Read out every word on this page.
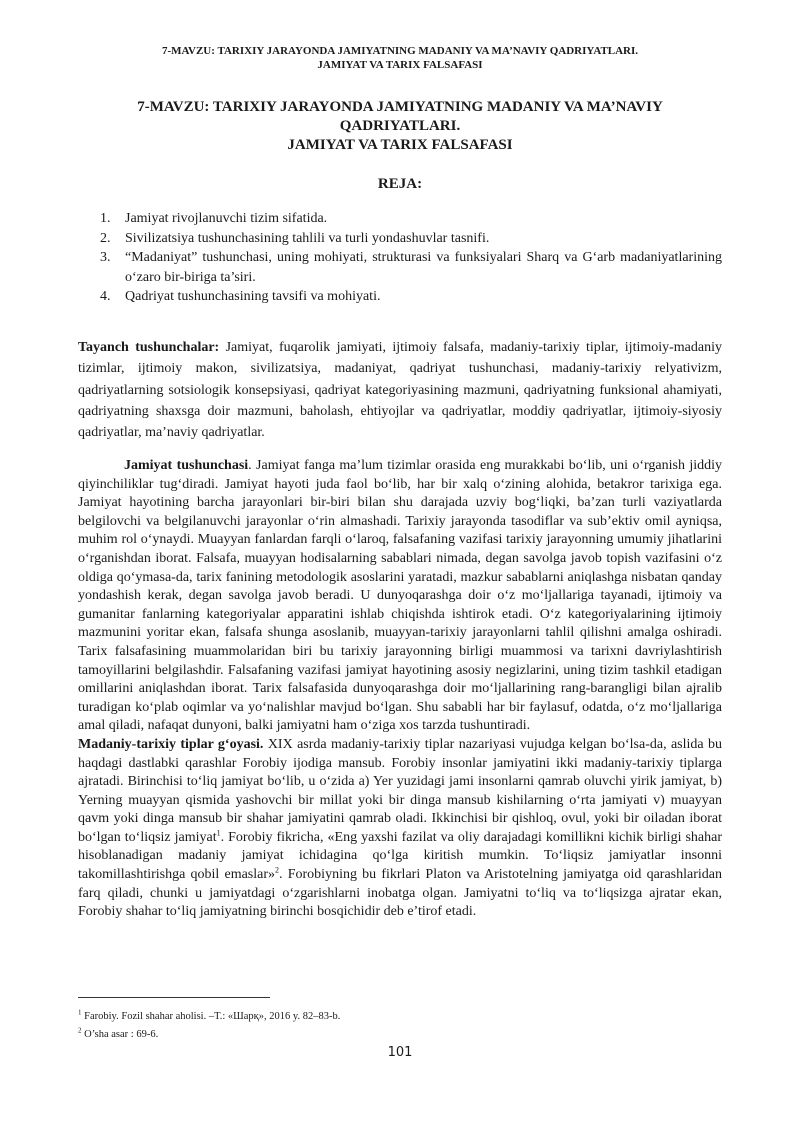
7-MAVZU: TARIXIY JARAYONDA JAMIYATNING MADANIY VA MA’NAVIY QADRIYATLARI.
JAMIYAT VA TARIX FALSAFASI
7-MAVZU: TARIXIY JARAYONDA JAMIYATNING MADANIY VA MA’NAVIY
QADRIYATLARI.
JAMIYAT VA TARIX FALSAFASI
REJA:
1. Jamiyat rivojlanuvchi tizim sifatida.
2. Sivilizatsiya tushunchasining tahlili va turli yondashuvlar tasnifi.
3. “Madaniyat” tushunchasi, uning mohiyati, strukturasi va funksiyalari Sharq va G‘arb madaniyatlarining o‘zaro bir-biriga ta’siri.
4. Qadriyat tushunchasining tavsifi va mohiyati.

Tayanch tushunchalar: Jamiyat, fuqarolik jamiyati, ijtimoiy falsafa, madaniy-tarixiy tiplar, ijtimoiy-madaniy tizimlar, ijtimoiy makon, sivilizatsiya, madaniyat, qadriyat tushunchasi, madaniy-tarixiy relyativizm, qadriyatlarning sotsiologik konsepsiyasi, qadriyat kategoriyasining mazmuni, qadriyatning funksional ahamiyati, qadriyatning shaxsga doir mazmuni, baholash, ehtiyojlar va qadriyatlar, moddiy qadriyatlar, ijtimoiy-siyosiy qadriyatlar, ma’naviy qadriyatlar.

Jamiyat tushunchasi. Jamiyat fanga ma’lum tizimlar orasida eng murakkabi bo‘lib, uni o‘rganish jiddiy qiyinchiliklar tug‘diradi. Jamiyat hayoti juda faol bo‘lib, har bir xalq o‘zining alohida, betakror tarixiga ega. Jamiyat hayotining barcha jarayonlari bir-biri bilan shu darajada uzviy bog‘liqki, ba’zan turli vaziyatlarda belgilovchi va belgilanuvchi jarayonlar o‘rin almashadi. Tarixiy jarayonda tasodiflar va sub’ektiv omil ayniqsa, muhim rol o‘ynaydi. Muayyan fanlardan farqli o‘laroq, falsafaning vazifasi tarixiy jarayonning umumiy jihatlarini o‘rganishdan iborat. Falsafa, muayyan hodisalarning sabablari nimada, degan savolga javob topish vazifasini o‘z oldiga qo‘ymasa-da, tarix fanining metodologik asoslarini yaratadi, mazkur sabablarni aniqlashga nisbatan qanday yondashish kerak, degan savolga javob beradi. U dunyoqarashga doir o‘z mo‘ljallariga tayanadi, ijtimoiy va gumanitar fanlarning kategoriyalar apparatini ishlab chiqishda ishtirok etadi. O‘z kategoriyalarining ijtimoiy mazmunini yoritar ekan, falsafa shunga asoslanib, muayyan-tarixiy jarayonlarni tahlil qilishni amalga oshiradi. Tarix falsafasining muammolaridan biri bu tarixiy jarayonning birligi muammosi va tarixni davriylashtirish tamoyillarini belgilashdir. Falsafaning vazifasi jamiyat hayotining asosiy negizlarini, uning tizim tashkil etadigan omillarini aniqlashdan iborat. Tarix falsafasida dunyoqarashga doir mo‘ljallarining rang-barangligi bilan ajralib turadigan ko‘plab oqimlar va yo‘nalishlar mavjud bo‘lgan. Shu sababli har bir faylasuf, odatda, o‘z mo‘ljallariga amal qiladi, nafaqat dunyoni, balki jamiyatni ham o‘ziga xos tarzda tushuntiradi.

Madaniy-tarixiy tiplar g‘oyasi. XIX asrda madaniy-tarixiy tiplar nazariyasi vujudga kelgan bo‘lsa-da, aslida bu haqdagi dastlabki qarashlar Forobiy ijodiga mansub. Forobiy insonlar jamiyatini ikki madaniy-tarixiy tiplarga ajratadi. Birinchisi to‘liq jamiyat bo‘lib, u o‘zida a) Yer yuzidagi jami insonlarni qamrab oluvchi yirik jamiyat, b) Yerning muayyan qismida yashovchi bir millat yoki bir dinga mansub kishilarning o‘rta jamiyati v) muayyan qavm yoki dinga mansub bir shahar jamiyatini qamrab oladi. Ikkinchisi bir qishloq, ovul, yoki bir oiladan iborat bo‘lgan to‘liqsiz jamiyat$^1$. Forobiy fikricha, «Eng yaxshi fazilat va oliy darajadagi komillikni kichik birligi shahar hisoblanadigan madaniy jamiyat ichidagina qo‘lga kiritish mumkin. To‘liqsiz jamiyatlar insonni takomillashtirishga qobil emaslar»$^2$. Forobiyning bu fikrlari Platon va Aristotelning jamiyatga oid qarashlaridan farq qiladi, chunki u jamiyatdagi o‘zgarishlarni inobatga olgan. Jamiyatni to‘liq va to‘liqsizga ajratar ekan, Forobiy shahar to‘liq jamiyatning birinchi bosqichidir deb e’tirof etadi.

$^1$ Farobiy. Fozil shahar aholisi. –T.: «Шарқ», 2016 y. 82–83-b.
$^2$ O’sha asar : 69-6.
101
